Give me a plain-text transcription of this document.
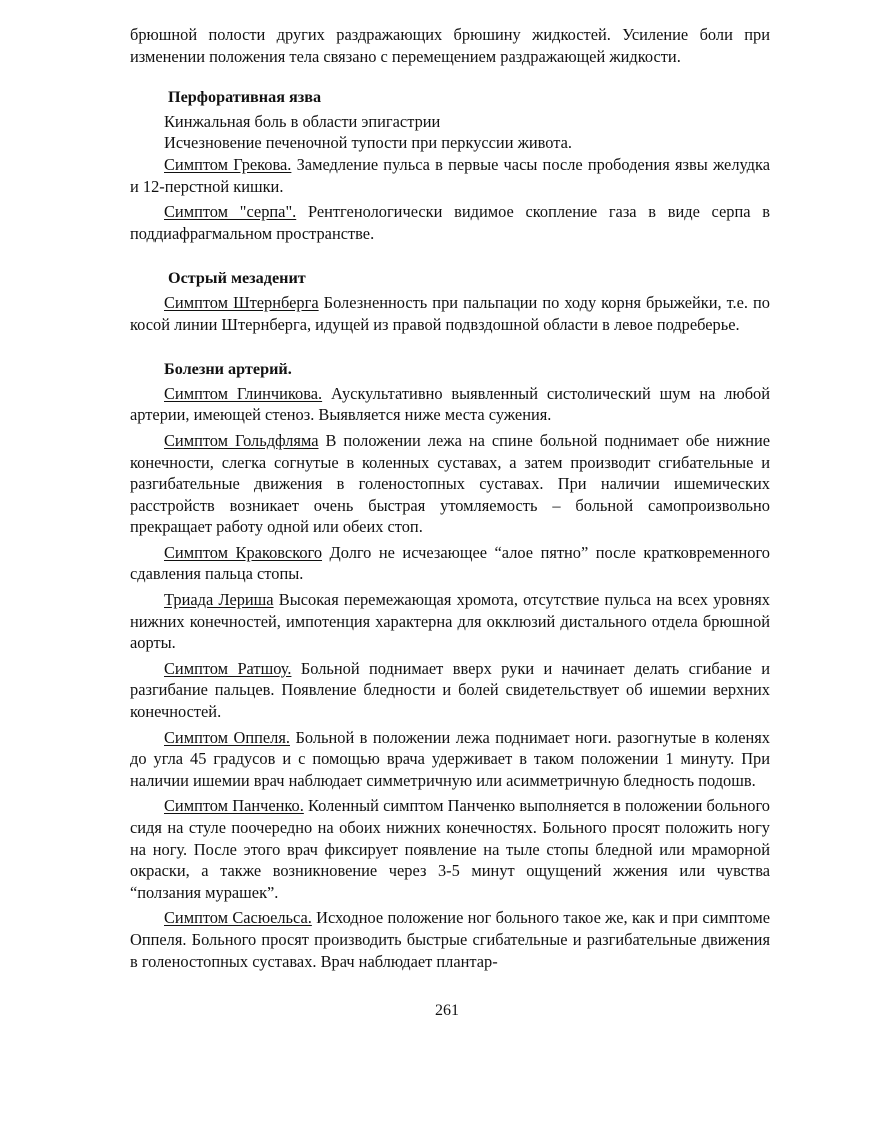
брюшной полости других раздражающих брюшину жидкостей. Усиление боли при изменении положения тела связано с перемещением раздражающей жидкости.

Перфоративная язва

Кинжальная боль в области эпигастрии

Исчезновение печеночной тупости при перкуссии живота.

Симптом Грекова. Замедление пульса в первые часы после прободения язвы желудка и 12-перстной кишки.

Симптом "серпа". Рентгенологически видимое скопление газа в виде серпа в поддиафрагмальном пространстве.

Острый мезаденит

Симптом Штернберга Болезненность при пальпации по ходу корня брыжейки, т.е. по косой линии Штернберга, идущей из правой подвздошной области в левое подреберье.

Болезни артерий.

Симптом Глинчикова. Аускультативно выявленный систолический шум на любой артерии, имеющей стеноз. Выявляется ниже места сужения.

Симптом Гольдфляма В положении лежа на спине больной поднимает обе нижние конечности, слегка согнутые в коленных суставах, а затем производит сгибательные и разгибательные движения в голеностопных суставах. При наличии ишемических расстройств возникает очень быстрая утомляемость – больной самопроизвольно прекращает работу одной или обеих стоп.

Симптом Краковского Долго не исчезающее “алое пятно” после кратковременного сдавления пальца стопы.

Триада Лериша Высокая перемежающая хромота, отсутствие пульса на всех уровнях нижних конечностей, импотенция характерна для окклюзий дистального отдела брюшной аорты.

Симптом Ратшоу. Больной поднимает вверх руки и начинает делать сгибание и разгибание пальцев. Появление бледности и болей свидетельствует об ишемии верхних конечностей.

Симптом Оппеля. Больной в положении лежа поднимает ноги. разогнутые в коленях до угла 45 градусов и с помощью врача удерживает в таком положении 1 минуту. При наличии ишемии врач наблюдает симметричную или асимметричную бледность подошв.

Симптом Панченко. Коленный симптом Панченко выполняется в положении больного сидя на стуле поочередно на обоих нижних конечностях. Больного просят положить ногу на ногу. После этого врач фиксирует появление на тыле стопы бледной или мраморной окраски, а также возникновение через 3-5 минут ощущений жжения или чувства “ползания мурашек”.

Симптом Сасюельса. Исходное положение ног больного такое же, как и при симптоме Оппеля. Больного просят производить быстрые сгибательные и разгибательные движения в голеностопных суставах. Врач наблюдает плантар-

261
